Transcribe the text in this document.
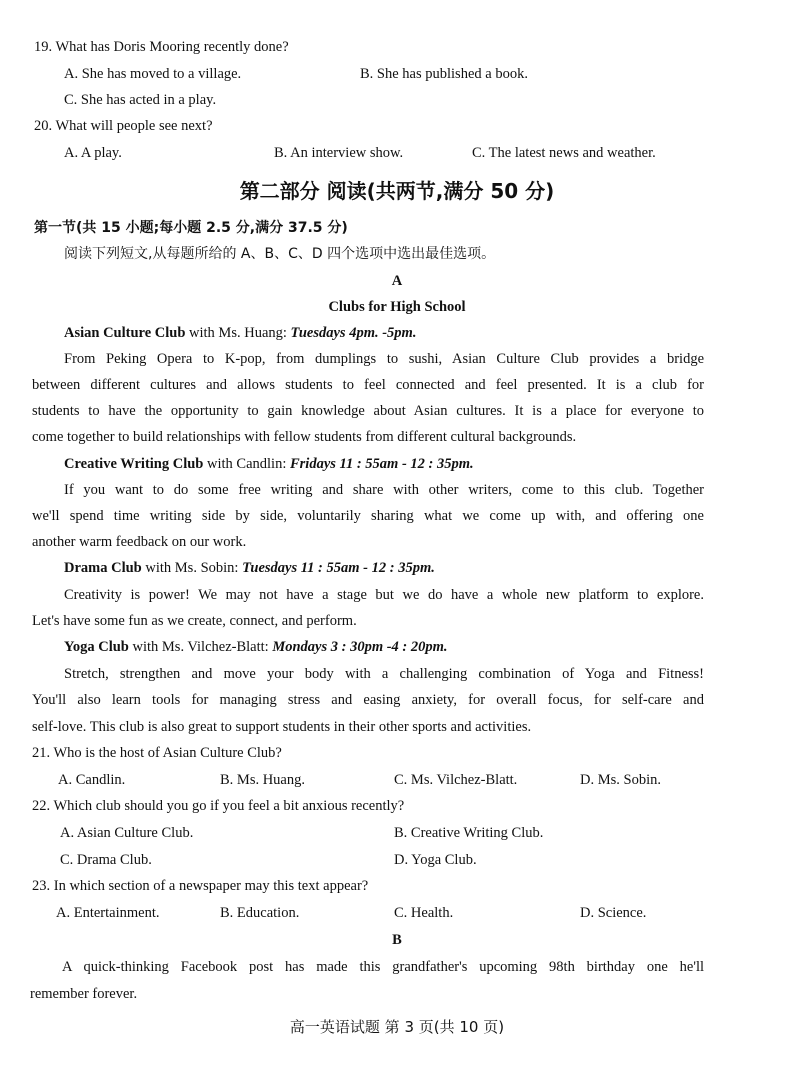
19. What has Doris Mooring recently done?
A. She has moved to a village.	B. She has published a book.
C. She has acted in a play.
20. What will people see next?
A. A play.	B. An interview show.	C. The latest news and weather.
第二部分 阅读(共两节,满分 50 分)
第一节(共 15 小题;每小题 2.5 分,满分 37.5 分)
阅读下列短文,从每题所给的 A、B、C、D 四个选项中选出最佳选项。
A
Clubs for High School
Asian Culture Club with Ms. Huang: Tuesdays 4pm. -5pm.
From Peking Opera to K-pop, from dumplings to sushi, Asian Culture Club provides a bridge
between different cultures and allows students to feel connected and feel presented. It is a club for
students to have the opportunity to gain knowledge about Asian cultures. It is a place for everyone to
come together to build relationships with fellow students from different cultural backgrounds.
Creative Writing Club with Candlin: Fridays 11 : 55am - 12 : 35pm.
If you want to do some free writing and share with other writers, come to this club. Together
we'll spend time writing side by side, voluntarily sharing what we come up with, and offering one
another warm feedback on our work.
Drama Club with Ms. Sobin: Tuesdays 11 : 55am - 12 : 35pm.
Creativity is power! We may not have a stage but we do have a whole new platform to explore.
Let's have some fun as we create, connect, and perform.
Yoga Club with Ms. Vilchez-Blatt: Mondays 3 : 30pm -4 : 20pm.
Stretch, strengthen and move your body with a challenging combination of Yoga and Fitness!
You'll also learn tools for managing stress and easing anxiety, for overall focus, for self-care and
self-love. This club is also great to support students in their other sports and activities.
21. Who is the host of Asian Culture Club?
A. Candlin.	B. Ms. Huang.	C. Ms. Vilchez-Blatt.	D. Ms. Sobin.
22. Which club should you go if you feel a bit anxious recently?
A. Asian Culture Club.	B. Creative Writing Club.
C. Drama Club.	D. Yoga Club.
23. In which section of a newspaper may this text appear?
A. Entertainment.	B. Education.	C. Health.	D. Science.
B
A quick-thinking Facebook post has made this grandfather's upcoming 98th birthday one he'll
remember forever.
高一英语试题 第 3 页(共 10 页)
